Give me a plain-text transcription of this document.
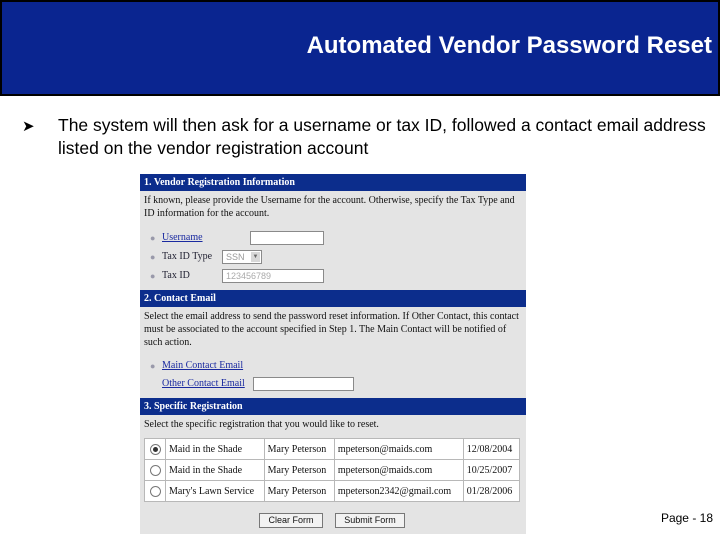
Automated Vendor Password Reset
➤ The system will then ask for a username or tax ID, followed a contact email address listed on the vendor registration account
1. Vendor Registration Information
If known, please provide the Username for the account. Otherwise, specify the Tax Type and ID information for the account.
● Username
● Tax ID Type	SSN ▼
● Tax ID	123456789
2. Contact Email
Select the email address to send the password reset information. If Other Contact, this contact must be associated to the account specified in Step 1. The Main Contact will be notified of such action.
● Main Contact Email
Other Contact Email
3. Specific Registration
Select the specific registration that you would like to reset.
	Maid in the Shade	Mary Peterson	mpeterson@maids.com	12/08/2004
	Maid in the Shade	Mary Peterson	mpeterson@maids.com	10/25/2007
	Mary's Lawn Service	Mary Peterson	mpeterson2342@gmail.com	01/28/2006
Clear Form	Submit Form	Page - 18
